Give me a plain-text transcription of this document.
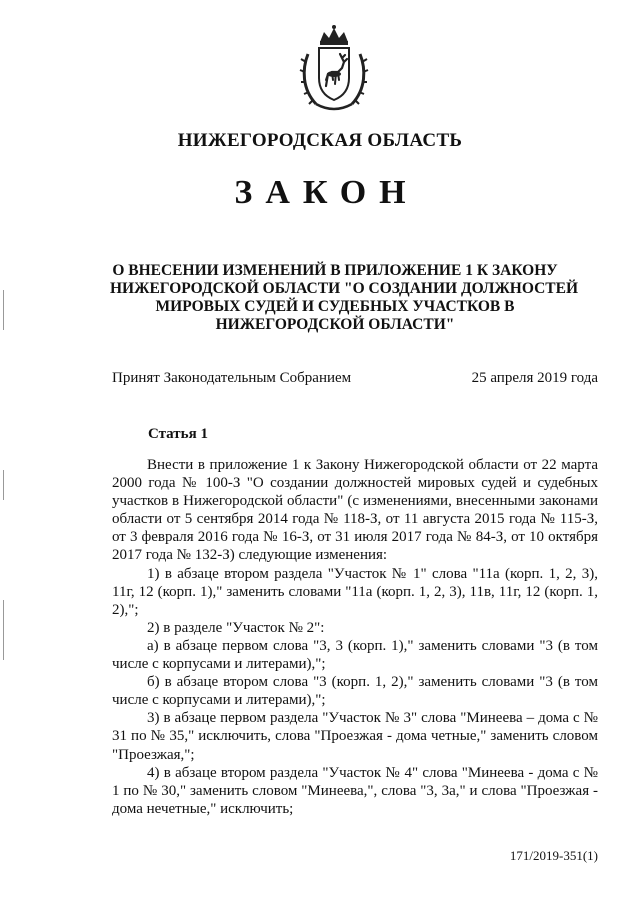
НИЖЕГОРОДСКАЯ ОБЛАСТЬ
ЗАКОН
О ВНЕСЕНИИ ИЗМЕНЕНИЙ В ПРИЛОЖЕНИЕ 1 К ЗАКОНУ
НИЖЕГОРОДСКОЙ ОБЛАСТИ "О СОЗДАНИИ ДОЛЖНОСТЕЙ
МИРОВЫХ СУДЕЙ И СУДЕБНЫХ УЧАСТКОВ В
НИЖЕГОРОДСКОЙ ОБЛАСТИ"
Принят Законодательным Собранием	25 апреля 2019 года
Статья 1

Внести в приложение 1 к Закону Нижегородской области от 22 марта 2000 года № 100-З "О создании должностей мировых судей и судебных участков в Нижегородской области" (с изменениями, внесенными законами области от 5 сентября 2014 года № 118-З, от 11 августа 2015 года № 115-З, от 3 февраля 2016 года № 16-З, от 31 июля 2017 года № 84-З, от 10 октября 2017 года № 132-З) следующие изменения:

1) в абзаце втором раздела "Участок № 1" слова "11а (корп. 1, 2, 3), 11г, 12 (корп. 1)," заменить словами "11а (корп. 1, 2, 3), 11в, 11г, 12 (корп. 1, 2),";

2) в разделе "Участок № 2":

а) в абзаце первом слова "3, 3 (корп. 1)," заменить словами "3 (в том числе с корпусами и литерами),";

б) в абзаце втором слова "3 (корп. 1, 2)," заменить словами "3 (в том числе с корпусами и литерами),";

3) в абзаце первом раздела "Участок № 3" слова "Минеева – дома с № 31 по № 35," исключить, слова "Проезжая - дома четные," заменить словом "Проезжая,";

4) в абзаце втором раздела "Участок № 4" слова "Минеева - дома с № 1 по № 30," заменить словом "Минеева,", слова "3, 3а," и слова "Проезжая - дома нечетные," исключить;

171/2019-351(1)
